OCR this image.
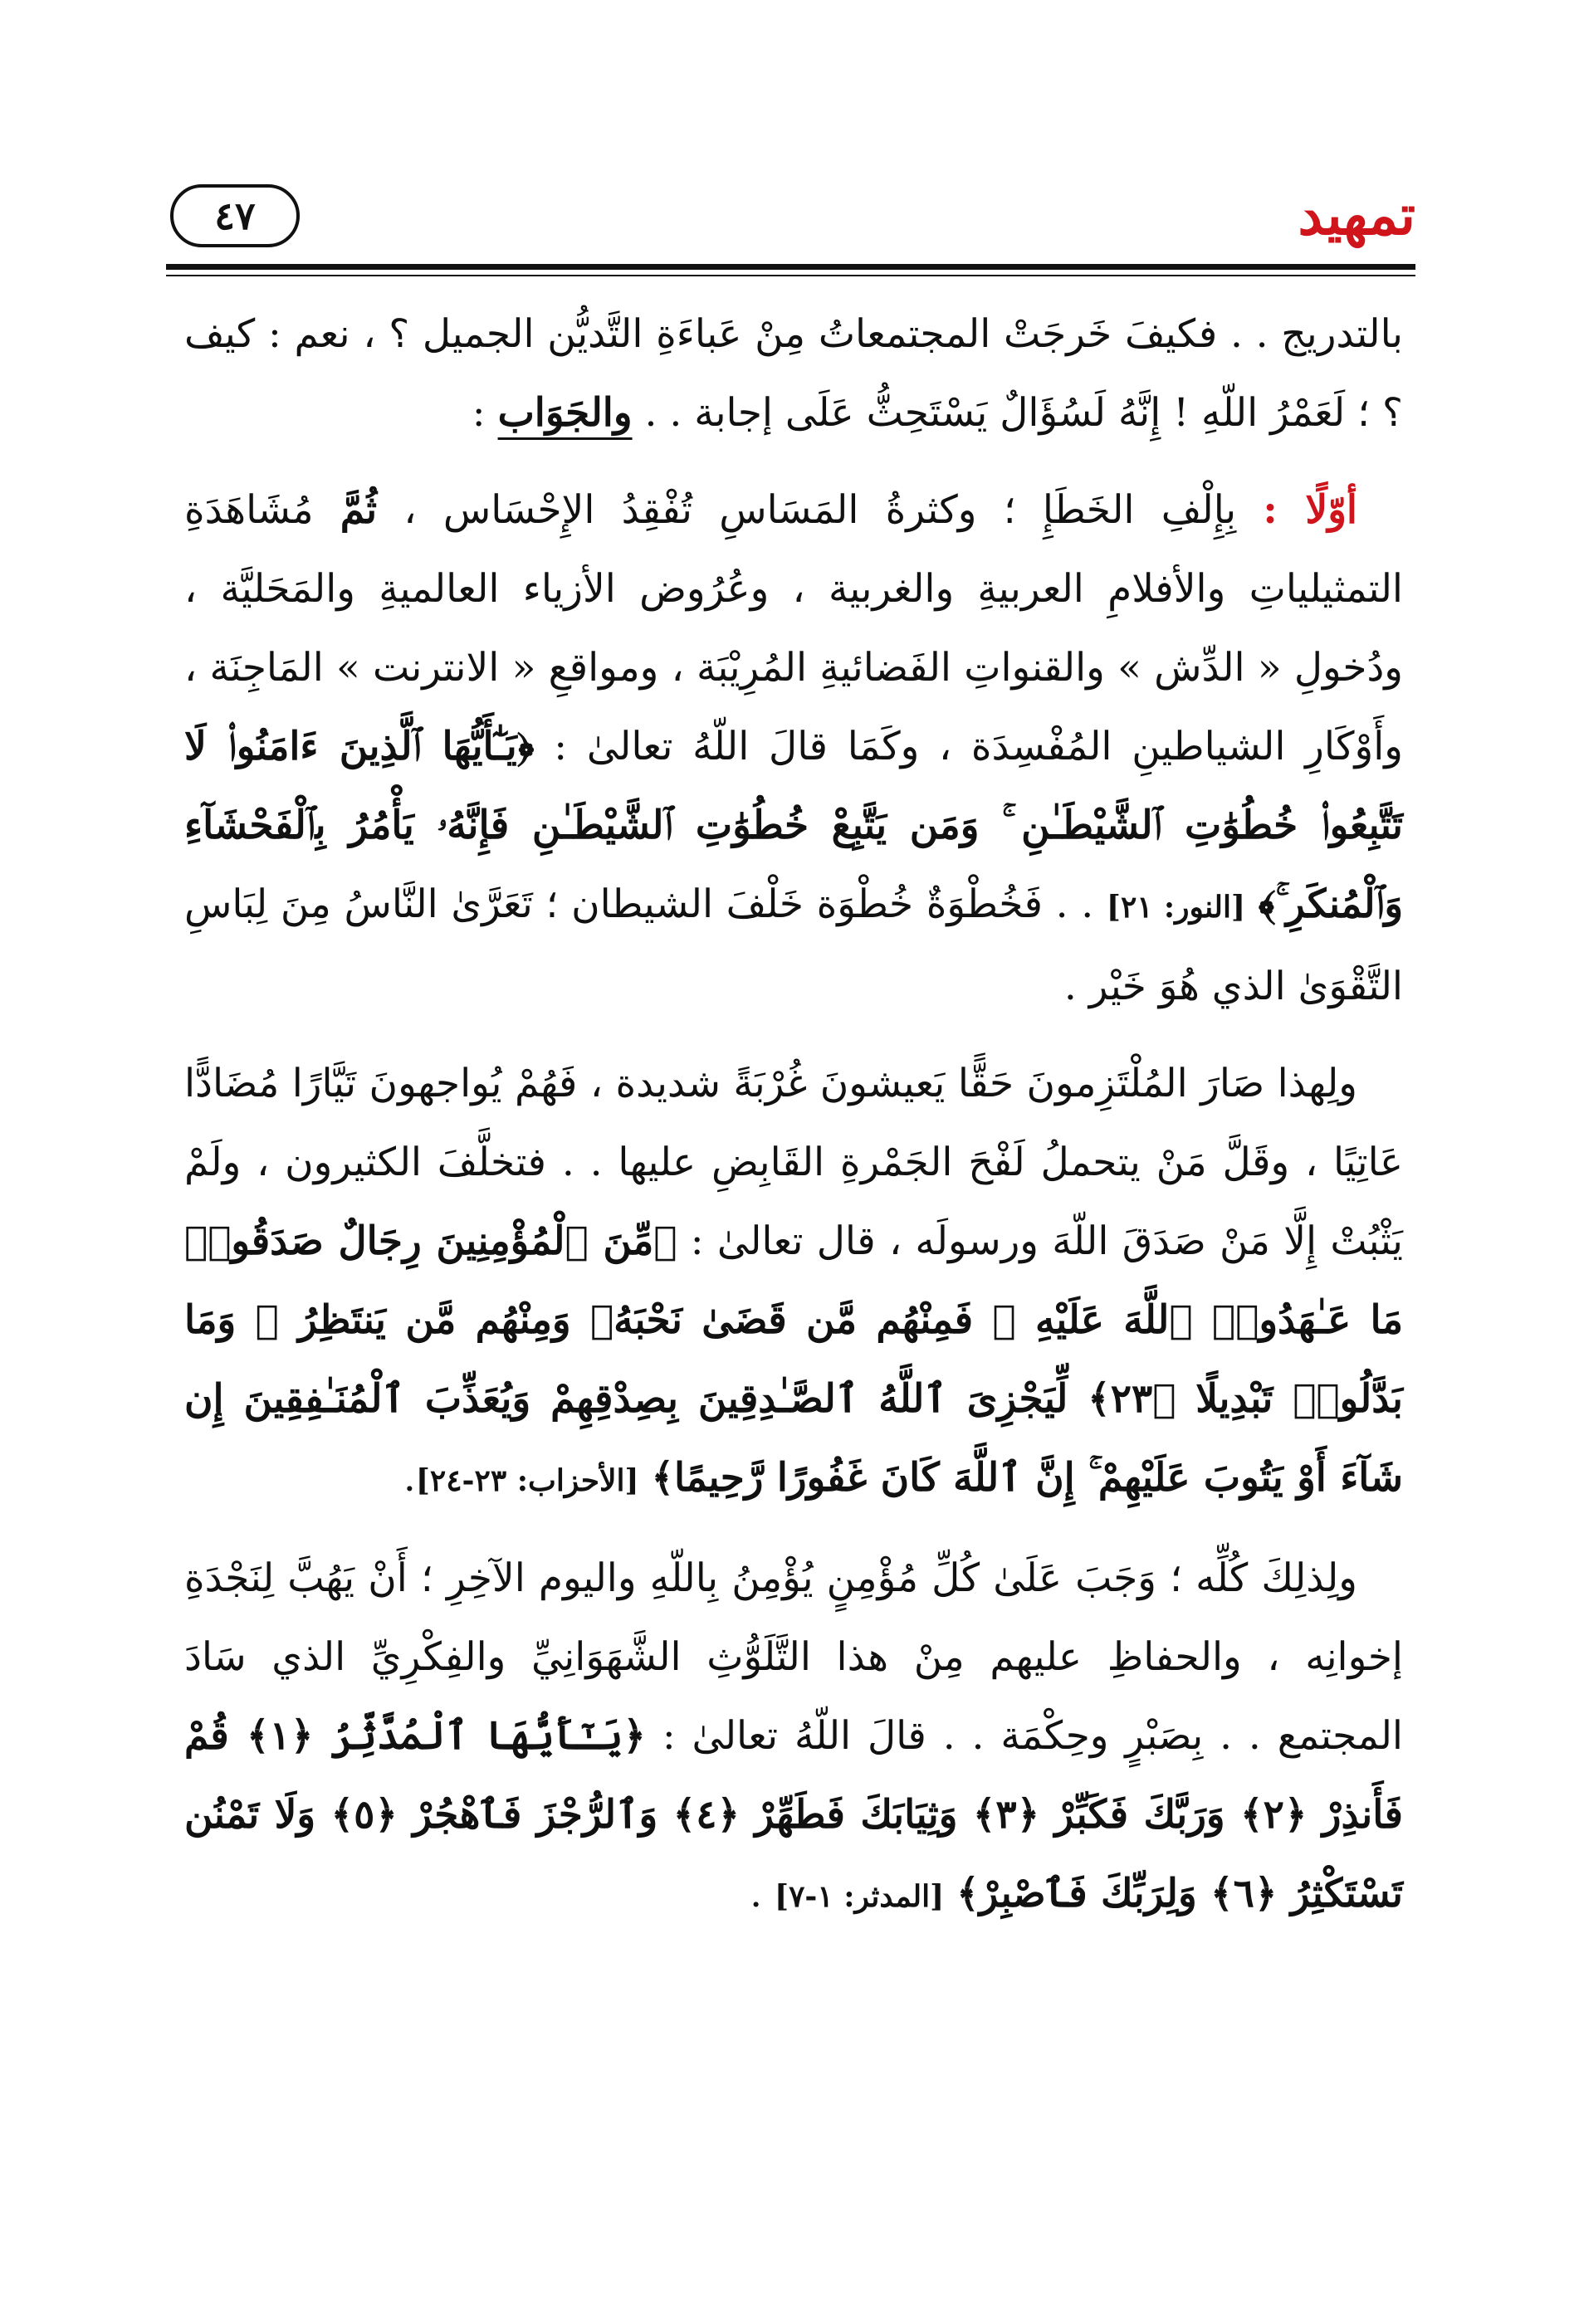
تمهيد
٤٧

بالتدريج . . فكيفَ خَرجَتْ المجتمعاتُ مِنْ عَباءَةِ التَّديُّن الجميل ؟ ، نعم : كيف ؟ ؛ لَعَمْرُ اللّهِ ! إِنَّهُ لَسُؤَالٌ يَسْتَحِثُّ عَلَى إجابة . . والجَوَاب :

أوّلًا : بِإِلْفِ الخَطَإِ ؛ وكثرةُ المَسَاسِ تُفْقِدُ الإِحْسَاس ، ثُمَّ مُشَاهَدَةِ التمثيلياتِ والأفلامِ العربيةِ والغربية ، وعُرُوض الأزياء العالميةِ والمَحَليَّة ، ودُخولِ « الدِّش » والقنواتِ الفَضائيةِ المُرِيْبَة ، ومواقعِ « الانترنت » المَاجِنَة ، وأَوْكَارِ الشياطينِ المُفْسِدَة ، وكَمَا قالَ اللّهُ تعالىٰ : ﴿يَـٰٓأَيُّهَا ٱلَّذِينَ ءَامَنُوا۟ لَا تَتَّبِعُوا۟ خُطُوَٰتِ ٱلشَّيْطَـٰنِ ۚ وَمَن يَتَّبِعْ خُطُوَٰتِ ٱلشَّيْطَـٰنِ فَإِنَّهُۥ يَأْمُرُ بِٱلْفَحْشَآءِ وَٱلْمُنكَرِ ۚ﴾ [النور: ٢١] . . فَخُطْوَةٌ خُطْوَة خَلْفَ الشيطان ؛ تَعَرَّىٰ النَّاسُ مِنَ لِبَاسِ التَّقْوَىٰ الذي هُوَ خَيْر .

ولِهذا صَارَ المُلْتَزِمونَ حَقًّا يَعيشونَ غُرْبَةً شديدة ، فَهُمْ يُواجهونَ تَيَّارًا مُضَادًّا عَاتِيًا ، وقَلَّ مَنْ يتحملُ لَفْحَ الجَمْرةِ القَابِضِ عليها . . فتخلَّفَ الكثيرون ، ولَمْ يَثْبُتْ إِلَّا مَنْ صَدَقَ اللّهَ ورسولَه ، قال تعالىٰ : ﴿مِّنَ ٱلْمُؤْمِنِينَ رِجَالٌ صَدَقُوا۟ مَا عَـٰهَدُوا۟ ٱللَّهَ عَلَيْهِ ۖ فَمِنْهُم مَّن قَضَىٰ نَحْبَهُۥ وَمِنْهُم مَّن يَنتَظِرُ ۖ وَمَا بَدَّلُوا۟ تَبْدِيلًا ﴿٢٣﴾ لِّيَجْزِىَ ٱللَّهُ ٱلصَّـٰدِقِينَ بِصِدْقِهِمْ وَيُعَذِّبَ ٱلْمُنَـٰفِقِينَ إِن شَآءَ أَوْ يَتُوبَ عَلَيْهِمْ ۚ إِنَّ ٱللَّهَ كَانَ غَفُورًا رَّحِيمًا﴾ [الأحزاب: ٢٣-٢٤].

ولِذلِكَ كُلِّه ؛ وَجَبَ عَلَىٰ كُلِّ مُؤْمِنٍ يُؤْمِنُ بِاللّهِ واليوم الآخِرِ ؛ أَنْ يَهُبَّ لِنَجْدَةِ إخوانِه ، والحفاظِ عليهم مِنْ هذا التَّلَوُّثِ الشَّهَوَانِيِّ والفِكْرِيِّ الذي سَادَ المجتمع . . بِصَبْرٍ وحِكْمَة . . قالَ اللّهُ تعالىٰ : ﴿يَـٰٓأَيُّهَا ٱلْمُدَّثِّرُ ﴿١﴾ قُمْ فَأَنذِرْ ﴿٢﴾ وَرَبَّكَ فَكَبِّرْ ﴿٣﴾ وَثِيَابَكَ فَطَهِّرْ ﴿٤﴾ وَٱلرُّجْزَ فَٱهْجُرْ ﴿٥﴾ وَلَا تَمْنُن تَسْتَكْثِرُ ﴿٦﴾ وَلِرَبِّكَ فَٱصْبِرْ﴾ [المدثر: ١-٧] .
